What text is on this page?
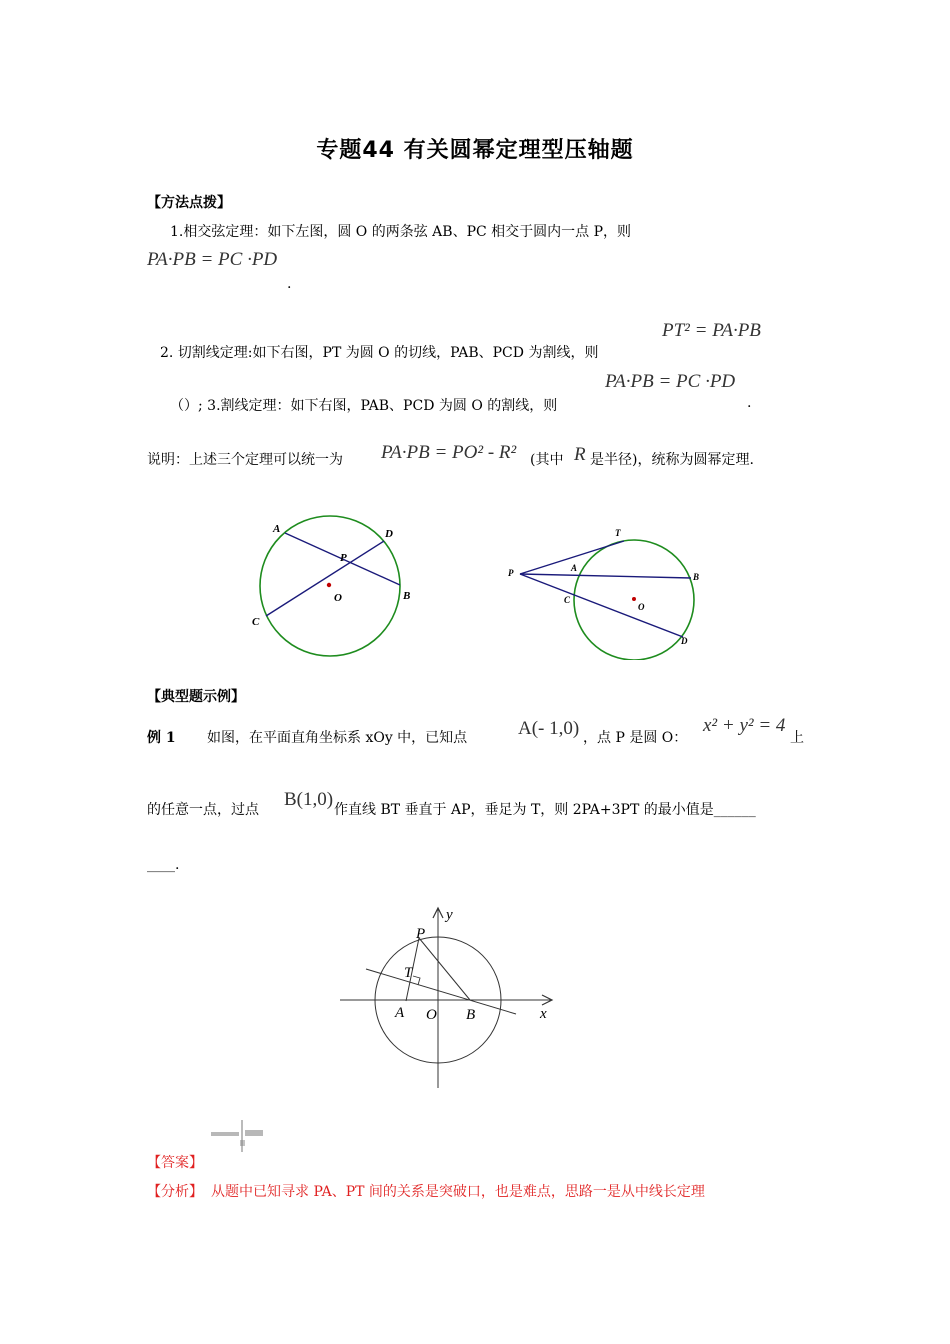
专题44 有关圆幂定理型压轴题
【方法点拨】
1.相交弦定理：如下左图，圆 O 的两条弦 AB、PC 相交于圆内一点 P，则
PA·PB = PC ·PD
.
PT² = PA·PB
2. 切割线定理:如下右图，PT 为圆 O 的切线，PAB、PCD 为割线，则
PA·PB = PC ·PD
（）; 3.割线定理：如下右图，PAB、PCD 为圆 O 的割线，则	.
说明：上述三个定理可以统一为 PA·PB = PO² - R² (其中 R 是半径)，统称为圆幂定理.
A	D
P
O	B
C
T
P	A
B
C
O
D
【典型题示例】
例 1 如图，在平面直角坐标系 xOy 中，已知点	A(- 1,0) ，点 P 是圆 O：
x² + y² = 4
上
的任意一点，过点 B(1,0) 作直线 BT 垂直于 AP，垂足为 T，则 2PA+3PT 的最小值是______
____.
y
x
P
T
A O B
【答案】
【分析】 从题中已知寻求 PA、PT 间的关系是突破口，也是难点，思路一是从中线长定理
